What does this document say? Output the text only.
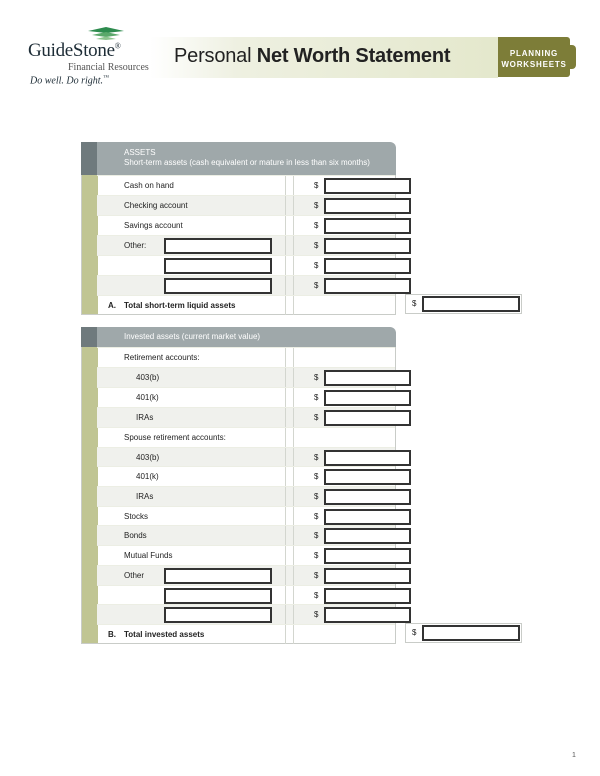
GuideStone®
Financial Resources
Do well. Do right.™
Personal Net Worth Statement	PLANNING
WORKSHEETS
ASSETS
Short-term assets (cash equivalent or mature in less than six months)
Cash on hand	$
Checking account	$
Savings account	$
Other:	$
$
$
A. Total short-term liquid assets	$
Invested assets (current market value)
Retirement accounts:
403(b)	$
401(k)	$
IRAs	$
Spouse retirement accounts:
403(b)	$
401(k)	$
IRAs	$
Stocks	$
Bonds	$
Mutual Funds	$
Other	$
$
$
B. Total invested assets	$
1
